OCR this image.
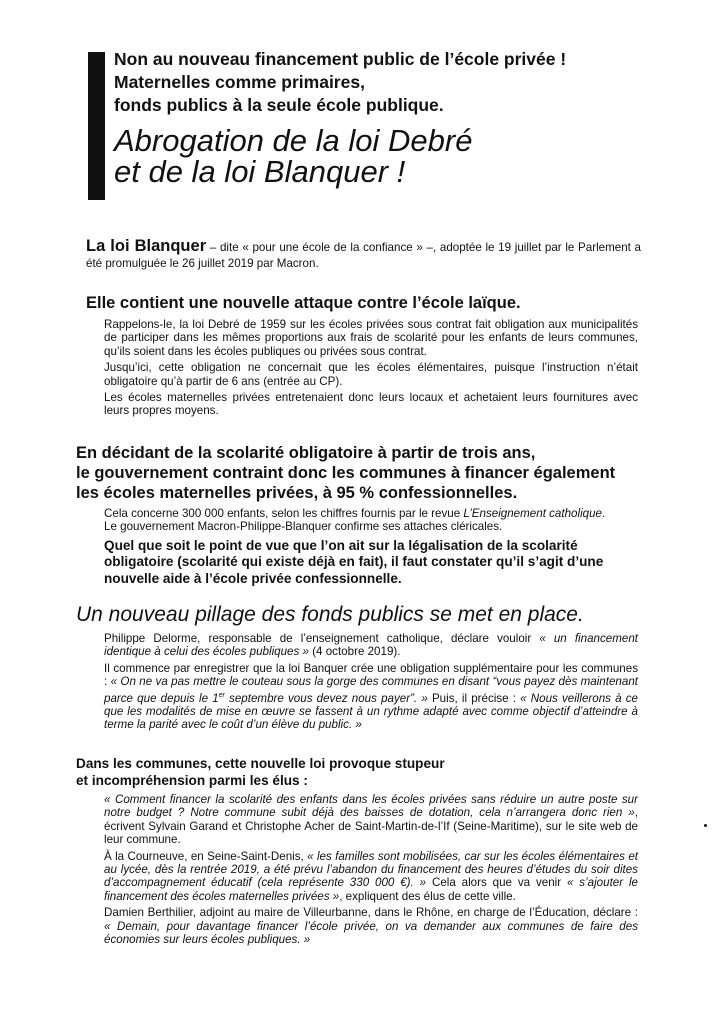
Non au nouveau financement public de l’école privée !
Maternelles comme primaires,
fonds publics à la seule école publique.
Abrogation de la loi Debré
et de la loi Blanquer !
La loi Blanquer – dite « pour une école de la confiance » –, adoptée le 19 juillet par le Parlement a été promulguée le 26 juillet 2019 par Macron.
Elle contient une nouvelle attaque contre l’école laïque.
Rappelons-le, la loi Debré de 1959 sur les écoles privées sous contrat fait obligation aux municipalités de participer dans les mêmes proportions aux frais de scolarité pour les enfants de leurs communes, qu’ils soient dans les écoles publiques ou privées sous contrat.
Jusqu’ici, cette obligation ne concernait que les écoles élémentaires, puisque l’instruction n’était obligatoire qu’à partir de 6 ans (entrée au CP).
Les écoles maternelles privées entretenaient donc leurs locaux et achetaient leurs fournitures avec leurs propres moyens.
En décidant de la scolarité obligatoire à partir de trois ans,
le gouvernement contraint donc les communes à financer également
les écoles maternelles privées, à 95 % confessionnelles.
Cela concerne 300 000 enfants, selon les chiffres fournis par le revue L’Enseignement catholique.
Le gouvernement Macron-Philippe-Blanquer confirme ses attaches cléricales.
Quel que soit le point de vue que l’on ait sur la légalisation de la scolarité obligatoire (scolarité qui existe déjà en fait), il faut constater qu’il s’agit d’une nouvelle aide à l’école privée confessionnelle.
Un nouveau pillage des fonds publics se met en place.
Philippe Delorme, responsable de l’enseignement catholique, déclare vouloir « un financement identique à celui des écoles publiques » (4 octobre 2019).
Il commence par enregistrer que la loi Banquer crée une obligation supplémentaire pour les communes : « On ne va pas mettre le couteau sous la gorge des communes en disant “vous payez dès maintenant parce que depuis le 1er septembre vous devez nous payer”. » Puis, il précise : « Nous veillerons à ce que les modalités de mise en œuvre se fassent à un rythme adapté avec comme objectif d’atteindre à terme la parité avec le coût d’un élève du public. »
Dans les communes, cette nouvelle loi provoque stupeur
et incompréhension parmi les élus :
« Comment financer la scolarité des enfants dans les écoles privées sans réduire un autre poste sur notre budget ? Notre commune subit déjà des baisses de dotation, cela n’arrangera donc rien », écrivent Sylvain Garand et Christophe Acher de Saint-Martin-de-l’If (Seine-Maritime), sur le site web de leur commune.
À la Courneuve, en Seine-Saint-Denis, « les familles sont mobilisées, car sur les écoles élémentaires et au lycée, dès la rentrée 2019, a été prévu l’abandon du financement des heures d’études du soir dites d’accompagnement éducatif (cela représente 330 000 €). » Cela alors que va venir « s’ajouter le financement des écoles maternelles privées », expliquent des élus de cette ville.
Damien Berthilier, adjoint au maire de Villeurbanne, dans le Rhône, en charge de l’Éducation, déclare : « Demain, pour davantage financer l’école privée, on va demander aux communes de faire des économies sur leurs écoles publiques. »
